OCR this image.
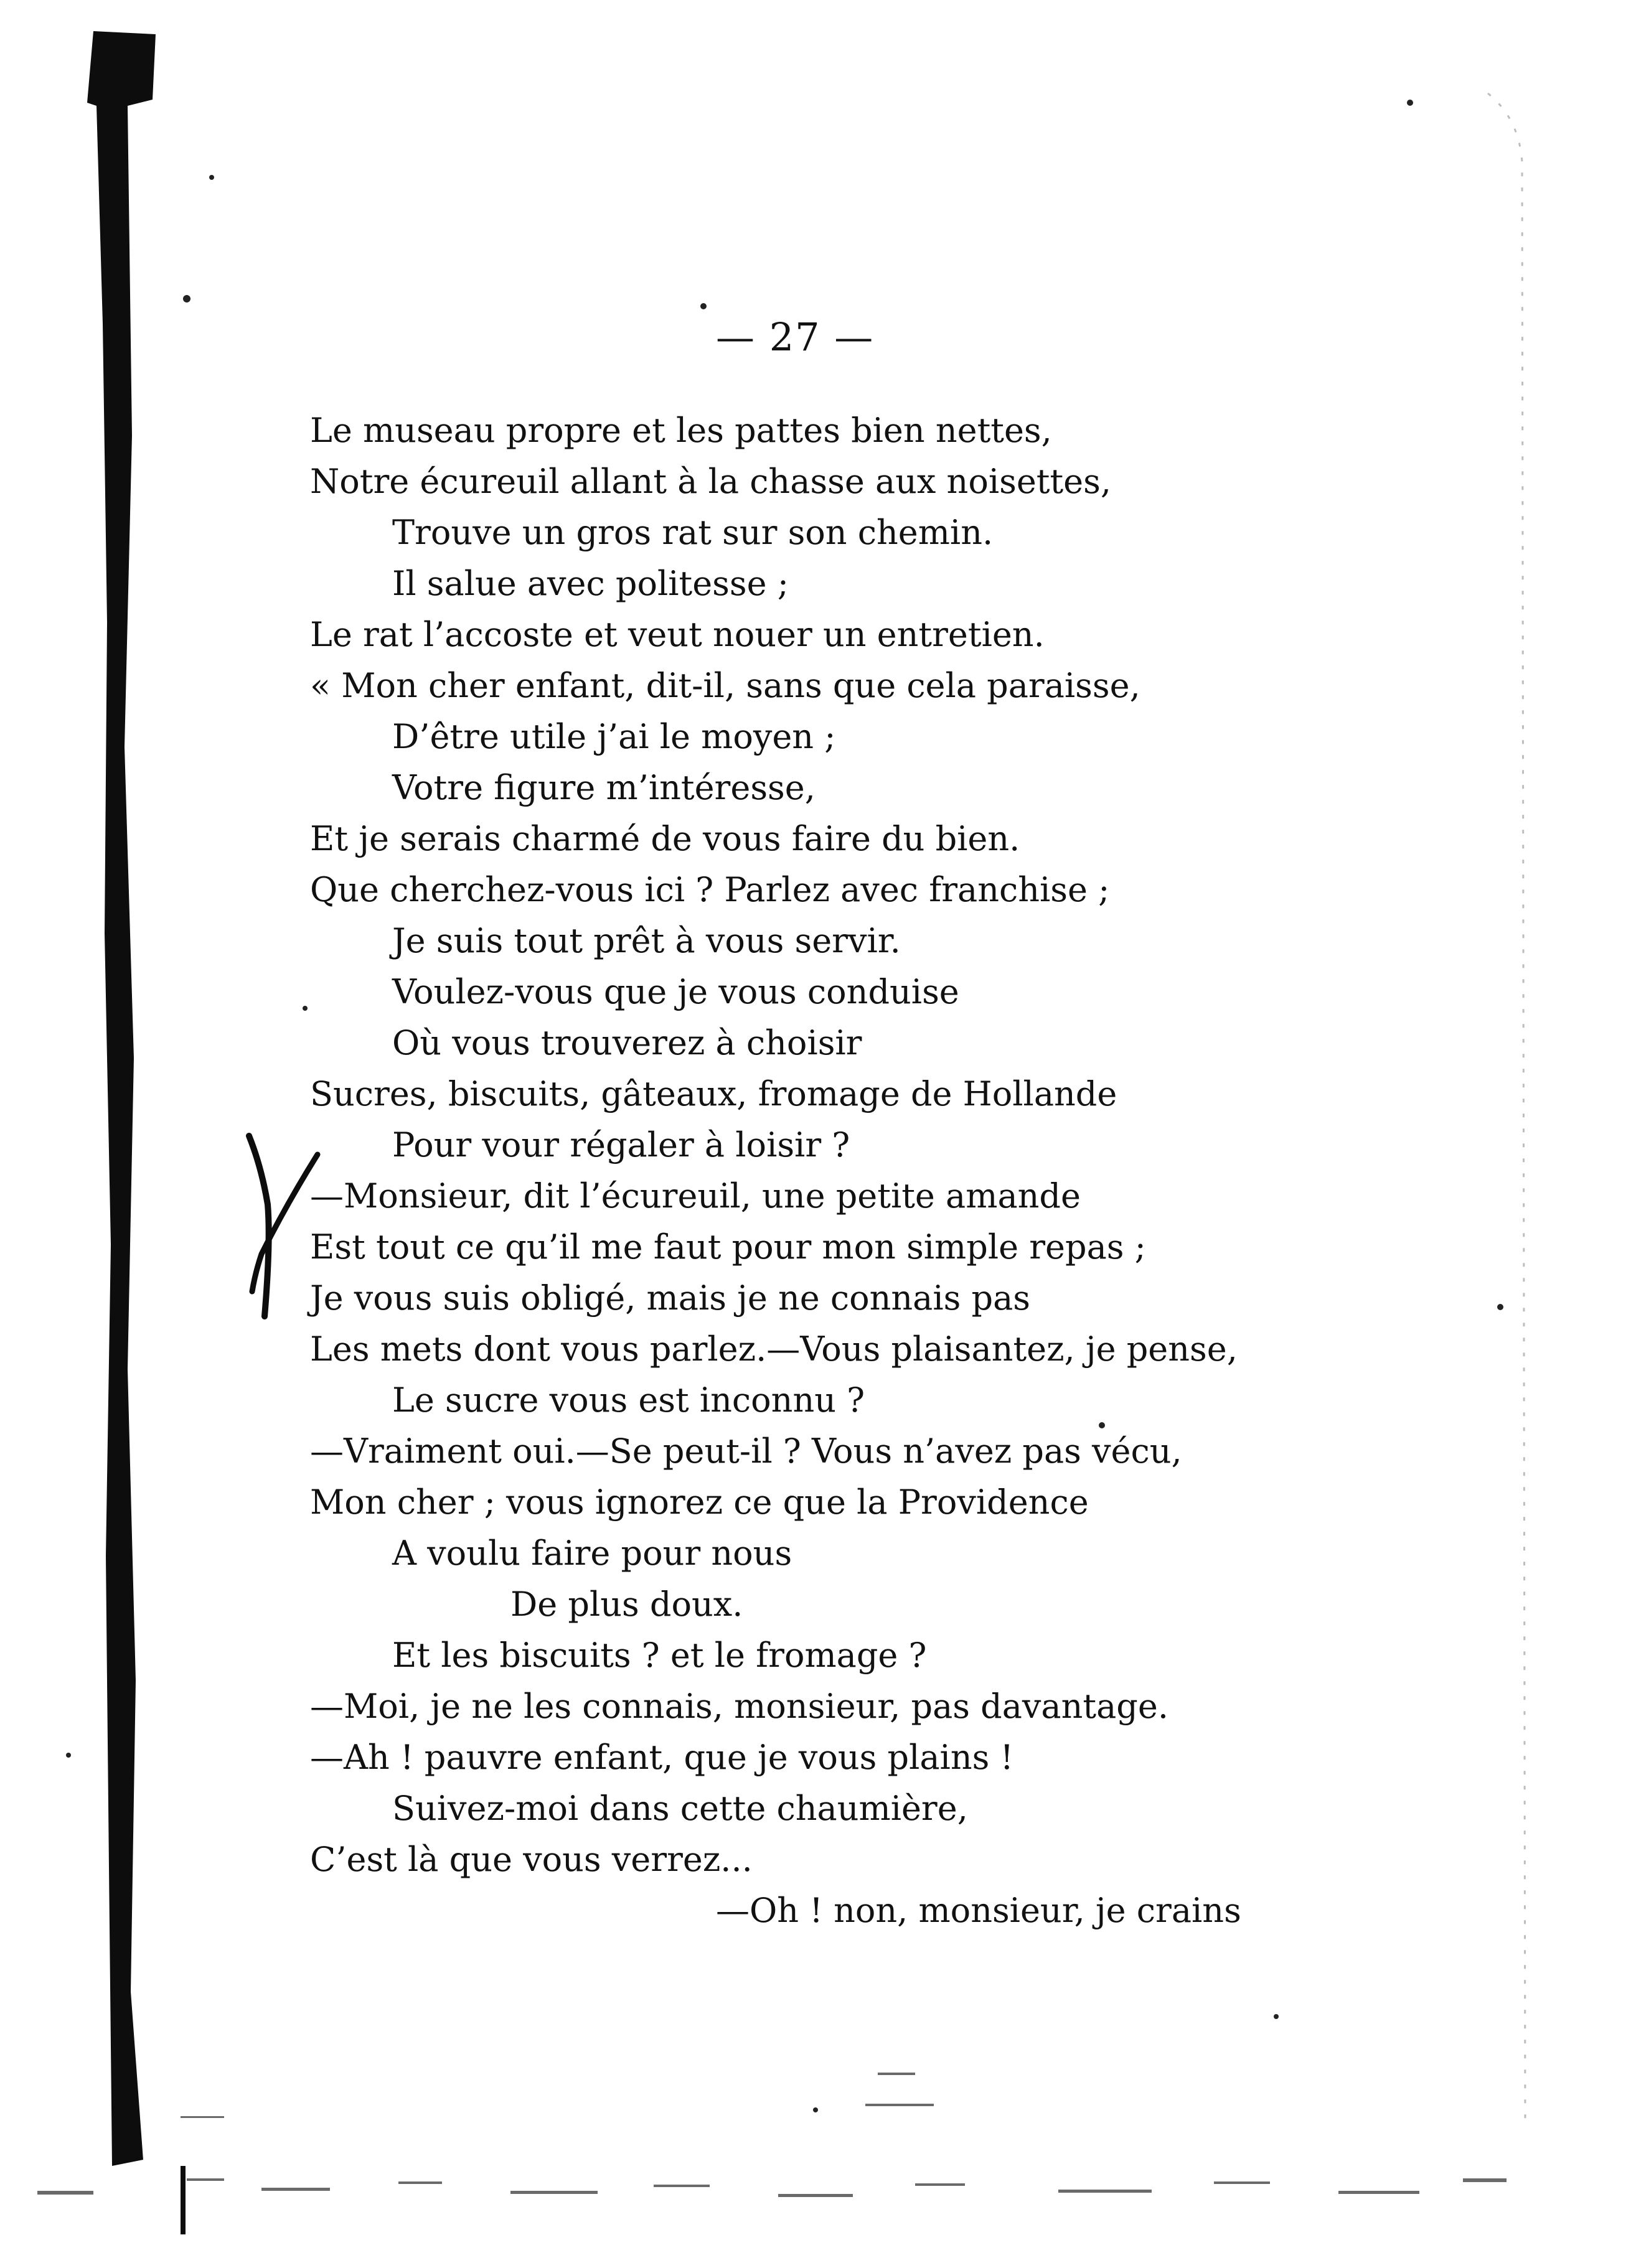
— 27 —
Le museau propre et les pattes bien nettes,
Notre écureuil allant à la chasse aux noisettes,
Trouve un gros rat sur son chemin.
Il salue avec politesse ;
Le rat l’accoste et veut nouer un entretien.
« Mon cher enfant, dit-il, sans que cela paraisse,
D’être utile j’ai le moyen ;
Votre figure m’intéresse,
Et je serais charmé de vous faire du bien.
Que cherchez-vous ici ? Parlez avec franchise ;
Je suis tout prêt à vous servir.
Voulez-vous que je vous conduise
Où vous trouverez à choisir
Sucres, biscuits, gâteaux, fromage de Hollande
Pour vour régaler à loisir ?
—Monsieur, dit l’écureuil, une petite amande
Est tout ce qu’il me faut pour mon simple repas ;
Je vous suis obligé, mais je ne connais pas
Les mets dont vous parlez.—Vous plaisantez, je pense,
Le sucre vous est inconnu ?
—Vraiment oui.—Se peut-il ? Vous n’avez pas vécu,
Mon cher ; vous ignorez ce que la Providence
A voulu faire pour nous
De plus doux.
Et les biscuits ? et le fromage ?
—Moi, je ne les connais, monsieur, pas davantage.
—Ah ! pauvre enfant, que je vous plains !
Suivez-moi dans cette chaumière,
C’est là que vous verrez...
—Oh ! non, monsieur, je crains
